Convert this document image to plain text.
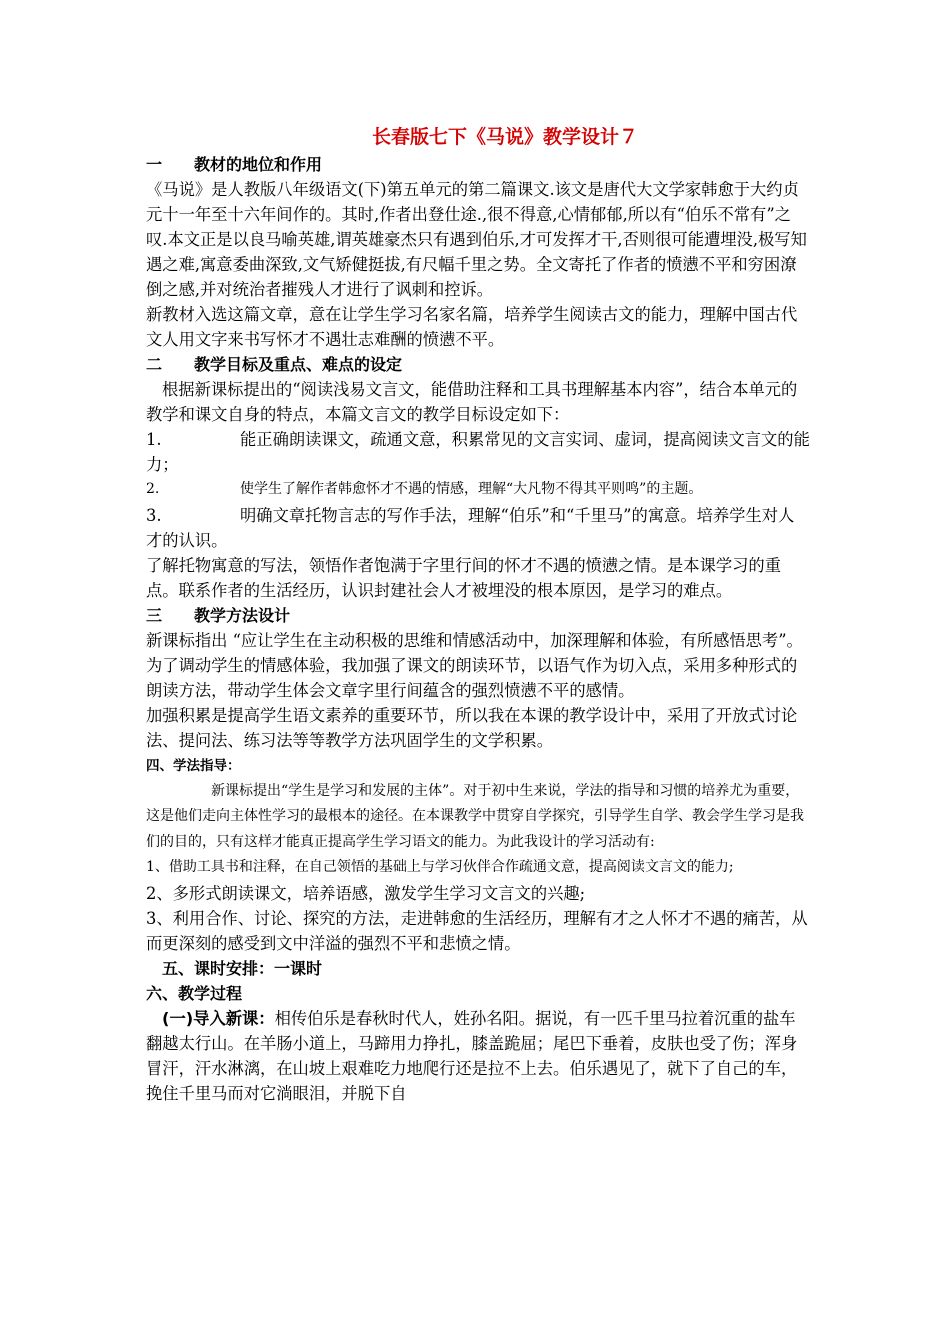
长春版七下《马说》教学设计７
一 教材的地位和作用

《马说》是人教版八年级语文(下)第五单元的第二篇课文.该文是唐代大文学家韩愈于大约贞元十一年至十六年间作的。其时,作者出登仕途.,很不得意,心情郁郁,所以有“伯乐不常有”之叹.本文正是以良马喻英雄,谓英雄豪杰只有遇到伯乐,才可发挥才干,否则很可能遭埋没,极写知遇之难,寓意委曲深致,文气矫健挺拔,有尺幅千里之势。全文寄托了作者的愤懑不平和穷困潦倒之感,并对统治者摧残人才进行了讽刺和控诉。

新教材入选这篇文章，意在让学生学习名家名篇，培养学生阅读古文的能力，理解中国古代文人用文字来书写怀才不遇壮志难酬的愤懑不平。

二 教学目标及重点、难点的设定

根据新课标提出的“阅读浅易文言文，能借助注释和工具书理解基本内容”，结合本单元的教学和课文自身的特点，本篇文言文的教学目标设定如下：

1.	能正确朗读课文，疏通文意，积累常见的文言实词、虚词，提高阅读文言文的能力；

2.	使学生了解作者韩愈怀才不遇的情感，理解“大凡物不得其平则鸣”的主题。

3.	明确文章托物言志的写作手法，理解“伯乐”和“千里马”的寓意。培养学生对人才的认识。

了解托物寓意的写法，领悟作者饱满于字里行间的怀才不遇的愤懑之情。是本课学习的重点。联系作者的生活经历，认识封建社会人才被埋没的根本原因，是学习的难点。

三 教学方法设计

新课标指出 “应让学生在主动积极的思维和情感活动中，加深理解和体验，有所感悟思考”。　为了调动学生的情感体验，我加强了课文的朗读环节，以语气作为切入点，采用多种形式的朗读方法，带动学生体会文章字里行间蕴含的强烈愤懑不平的感情。

加强积累是提高学生语文素养的重要环节，所以我在本课的教学设计中，采用了开放式讨论法、提问法、练习法等等教学方法巩固学生的文学积累。

四、学法指导：

新课标提出“学生是学习和发展的主体”。对于初中生来说，学法的指导和习惯的培养尤为重要，这是他们走向主体性学习的最根本的途径。在本课教学中贯穿自学探究，引导学生自学、教会学生学习是我们的目的，只有这样才能真正提高学生学习语文的能力。为此我设计的学习活动有:

1、借助工具书和注释，在自己领悟的基础上与学习伙伴合作疏通文意，提高阅读文言文的能力;

2、多形式朗读课文，培养语感，激发学生学习文言文的兴趣;

3、利用合作、讨论、探究的方法，走进韩愈的生活经历，理解有才之人怀才不遇的痛苦，从而更深刻的感受到文中洋溢的强烈不平和悲愤之情。

五、课时安排：一课时
六、教学过程

(一)导入新课：相传伯乐是春秋时代人，姓孙名阳。据说，有一匹千里马拉着沉重的盐车翻越太行山。在羊肠小道上，马蹄用力挣扎，膝盖跪屈；尾巴下垂着，皮肤也受了伤；浑身冒汗，汗水淋漓，在山坡上艰难吃力地爬行还是拉不上去。伯乐遇见了，就下了自己的车，挽住千里马而对它淌眼泪，并脱下自
